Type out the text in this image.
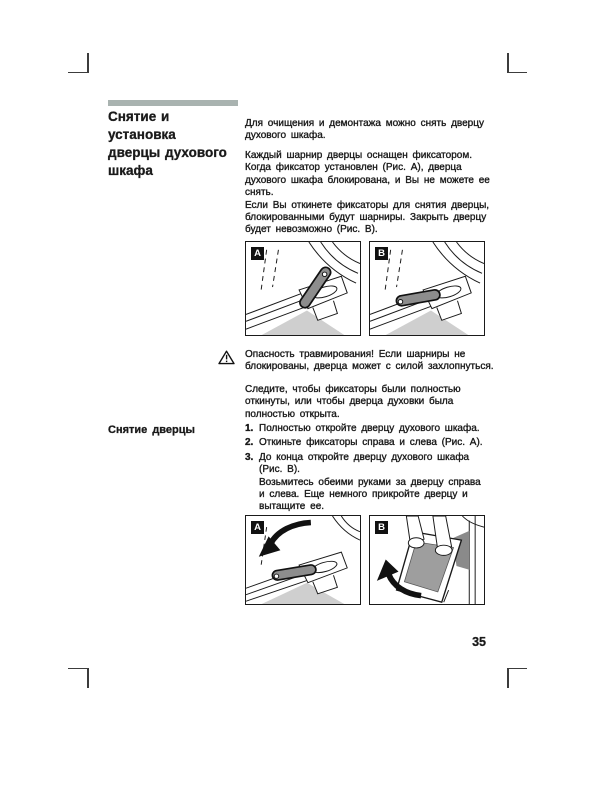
Снятие и
установка
дверцы духового
шкафа
Снятие дверцы
Для очищения и демонтажа можно снять дверцу
духового шкафа.
Каждый шарнир дверцы оснащен фиксатором.
Когда фиксатор установлен (Рис. А), дверца
духового шкафа блокирована, и Вы не можете ее
снять.
Если Вы откинете фиксаторы для снятия дверцы,
блокированными будут шарниры. Закрыть дверцу
будет невозможно (Рис. В).
A	B
Опасность травмирования! Если шарниры не
блокированы, дверца может с силой захлопнуться.
Следите, чтобы фиксаторы были полностью
откинуты, или чтобы дверца духовки была
полностью открыта.
1. Полностью откройте дверцу духового шкафа.
2. Откиньте фиксаторы справа и слева (Рис. А).
3. До конца откройте дверцу духового шкафа
(Рис. В).
Возьмитесь обеими руками за дверцу справа
и слева. Еще немного прикройте дверцу и
вытащите ее.
A	B
35
